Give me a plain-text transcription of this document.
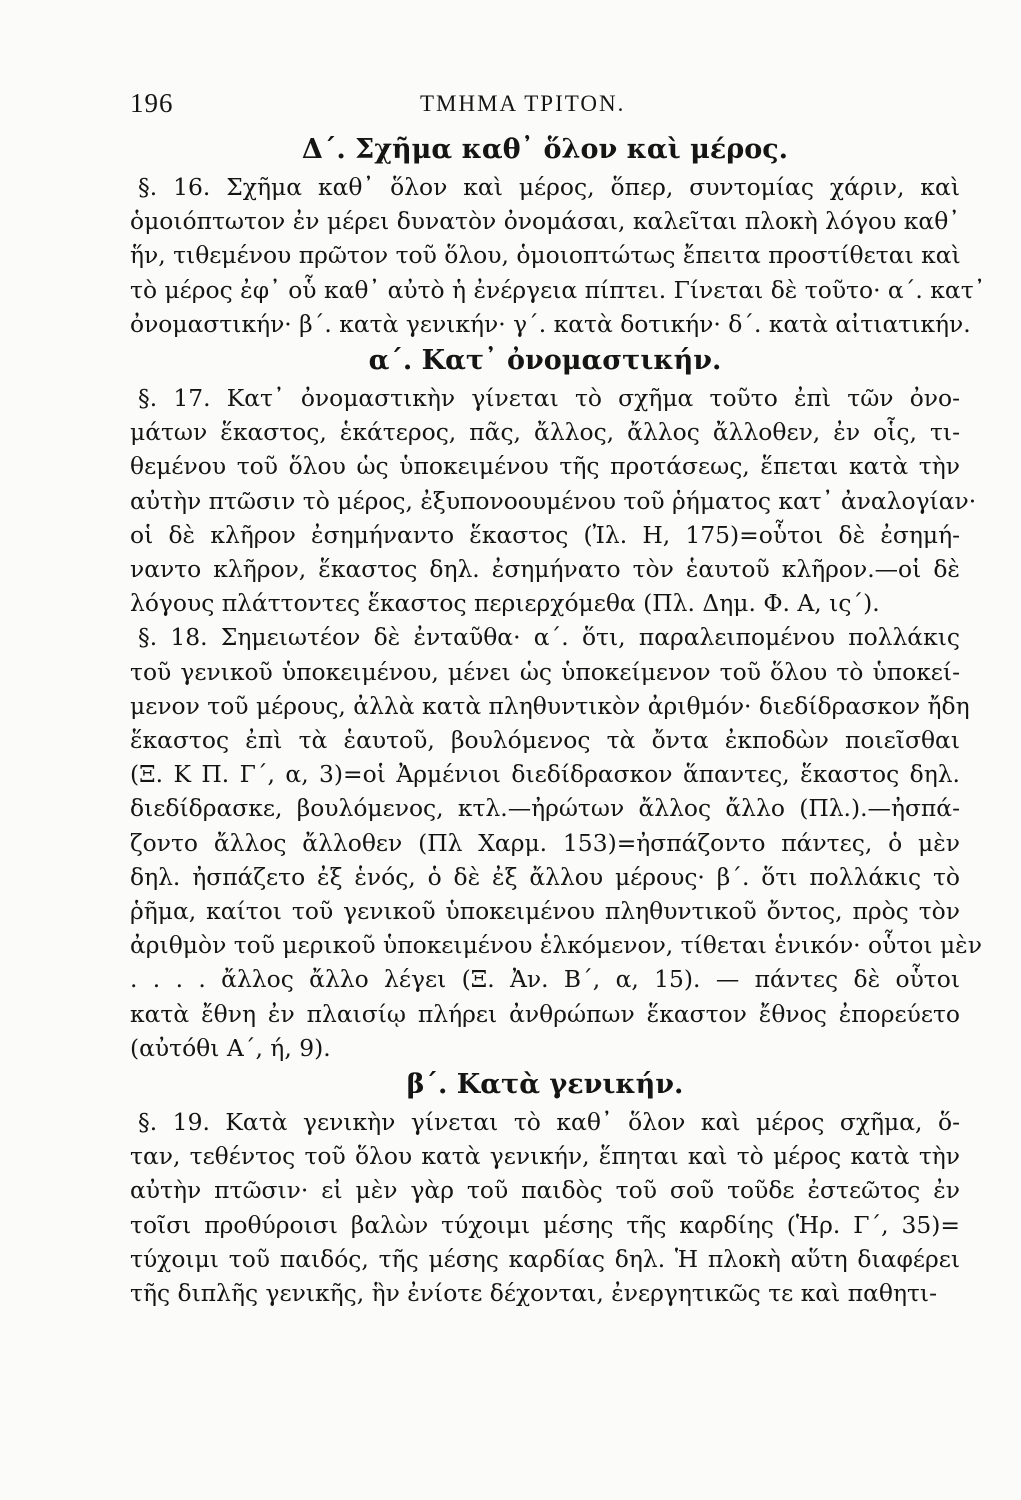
196	ΤΜΗΜΑ ΤΡΙΤΟΝ.
Δ΄. Σχῆμα καθ᾽ ὅλον καὶ μέρος.
§. 16. Σχῆμα καθ᾽ ὅλον καὶ μέρος, ὅπερ, συντομίας χάριν, καὶ
ὁμοιόπτωτον ἐν μέρει δυνατὸν ὀνομάσαι, καλεῖται πλοκὴ λόγου καθ᾽
ἥν, τιθεμένου πρῶτον τοῦ ὅλου, ὁμοιοπτώτως ἔπειτα προστίθεται καὶ
τὸ μέρος ἐφ᾽ οὗ καθ᾽ αὐτὸ ἡ ἐνέργεια πίπτει. Γίνεται δὲ τοῦτο· α΄. κατ᾽
ὀνομαστικήν· β΄. κατὰ γενικήν· γ΄. κατὰ δοτικήν· δ΄. κατὰ αἰτιατικήν.
α΄. Κατ᾽ ὀνομαστικήν.
§. 17. Κατ᾽ ὀνομαστικὴν γίνεται τὸ σχῆμα τοῦτο ἐπὶ τῶν ὀνο-
μάτων ἕκαστος, ἑκάτερος, πᾶς, ἄλλος, ἄλλος ἄλλοθεν, ἐν οἷς, τι-
θεμένου τοῦ ὅλου ὡς ὑποκειμένου τῆς προτάσεως, ἕπεται κατὰ τὴν
αὐτὴν πτῶσιν τὸ μέρος, ἐξυπονοουμένου τοῦ ῥήματος κατ᾽ ἀναλογίαν·
οἱ δὲ κλῆρον ἐσημήναντο ἕκαστος (Ἰλ. Η, 175)=οὗτοι δὲ ἐσημή-
ναντο κλῆρον, ἕκαστος δηλ. ἐσημήνατο τὸν ἑαυτοῦ κλῆρον.—οἱ δὲ
λόγους πλάττοντες ἕκαστος περιερχόμεθα (Πλ. Δημ. Φ. Α, ις΄).
§. 18. Σημειωτέον δὲ ἐνταῦθα· α΄. ὅτι, παραλειπομένου πολλάκις
τοῦ γενικοῦ ὑποκειμένου, μένει ὡς ὑποκείμενον τοῦ ὅλου τὸ ὑποκεί-
μενον τοῦ μέρους, ἀλλὰ κατὰ πληθυντικὸν ἀριθμόν· διεδίδρασκον ἤδη
ἕκαστος ἐπὶ τὰ ἑαυτοῦ, βουλόμενος τὰ ὄντα ἐκποδὼν ποιεῖσθαι
(Ξ. Κ Π. Γ΄, α, 3)=οἱ Ἀρμένιοι διεδίδρασκον ἅπαντες, ἕκαστος δηλ.
διεδίδρασκε, βουλόμενος, κτλ.—ἠρώτων ἄλλος ἄλλο (Πλ.).—ἠσπά-
ζοντο ἄλλος ἄλλοθεν (Πλ Χαρμ. 153)=ἠσπάζοντο πάντες, ὁ μὲν
δηλ. ἠσπάζετο ἐξ ἑνός, ὁ δὲ ἐξ ἄλλου μέρους· β΄. ὅτι πολλάκις τὸ
ῥῆμα, καίτοι τοῦ γενικοῦ ὑποκειμένου πληθυντικοῦ ὄντος, πρὸς τὸν
ἀριθμὸν τοῦ μερικοῦ ὑποκειμένου ἑλκόμενον, τίθεται ἑνικόν· οὗτοι μὲν
. . . . ἄλλος ἄλλο λέγει (Ξ. Ἀν. Β΄, α, 15). — πάντες δὲ οὗτοι
κατὰ ἔθνη ἐν πλαισίῳ πλήρει ἀνθρώπων ἕκαστον ἔθνος ἐπορεύετο
(αὐτόθι Α΄, ή, 9).
β΄. Κατὰ γενικήν.
§. 19. Κατὰ γενικὴν γίνεται τὸ καθ᾽ ὅλον καὶ μέρος σχῆμα, ὅ-
ταν, τεθέντος τοῦ ὅλου κατὰ γενικήν, ἕπηται καὶ τὸ μέρος κατὰ τὴν
αὐτὴν πτῶσιν· εἰ μὲν γὰρ τοῦ παιδὸς τοῦ σοῦ τοῦδε ἐστεῶτος ἐν
τοῖσι προθύροισι βαλὼν τύχοιμι μέσης τῆς καρδίης (Ἡρ. Γ΄, 35)=
τύχοιμι τοῦ παιδός, τῆς μέσης καρδίας δηλ. Ἡ πλοκὴ αὕτη διαφέρει
τῆς διπλῆς γενικῆς, ἣν ἐνίοτε δέχονται, ἐνεργητικῶς τε καὶ παθητι-
